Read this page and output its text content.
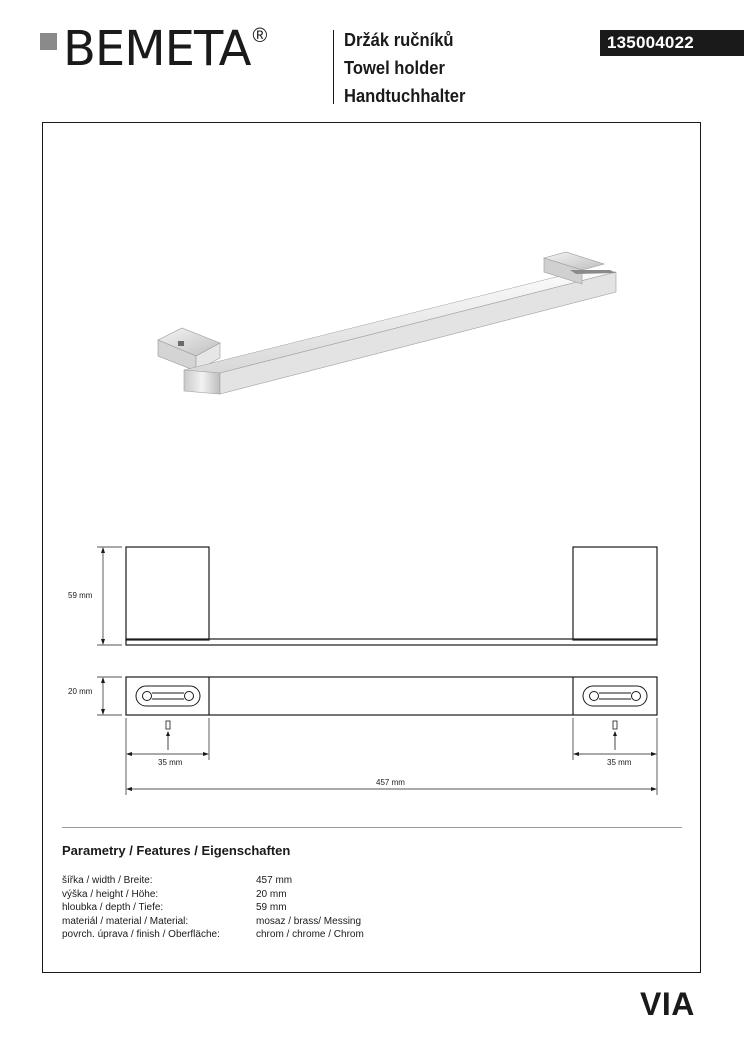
BEMETA ®	Držák ručníků
Towel holder
Handtuchhalter
135004022
59 mm
20 mm
35 mm	35 mm
457 mm
Parametry / Features / Eigenschaften
šířka / width / Breite:	457 mm
výška / height / Höhe:	20 mm
hloubka / depth / Tiefe:	59 mm
materiál / material / Material:	mosaz / brass/ Messing
povrch. úprava / finish / Oberfläche:	chrom / chrome / Chrom
VIA
